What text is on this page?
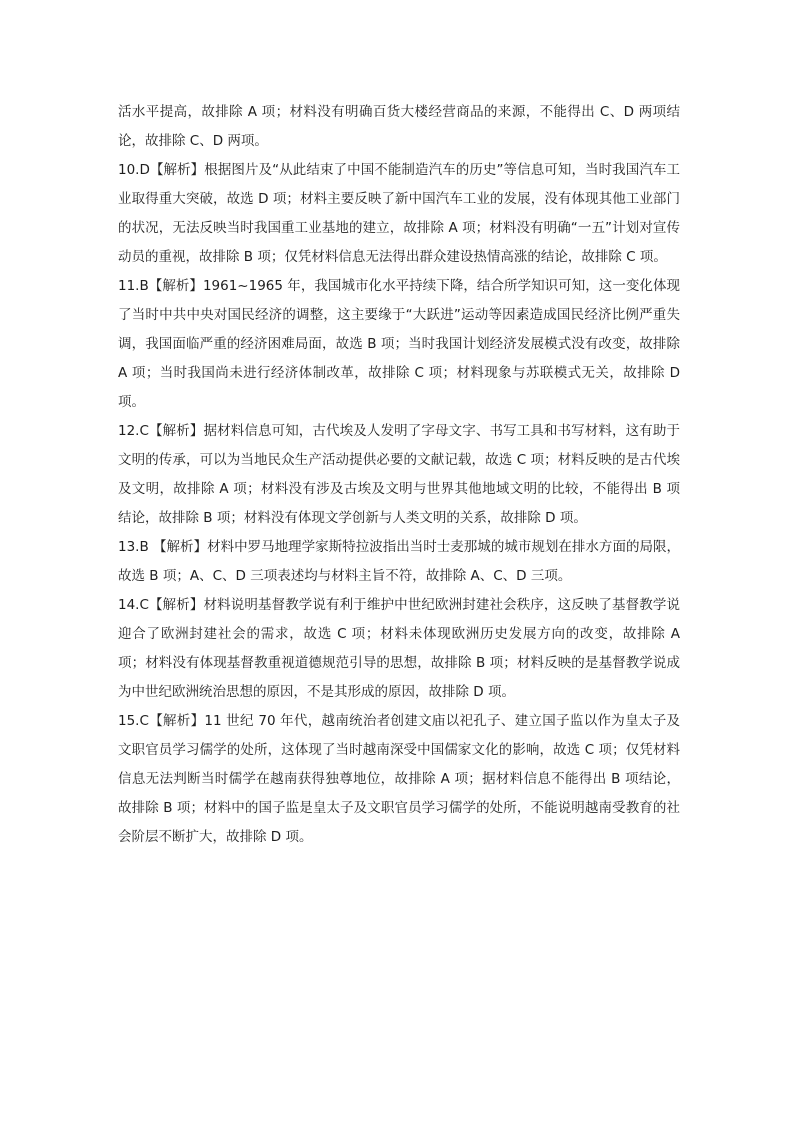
活水平提高，故排除 A 项；材料没有明确百货大楼经营商品的来源，不能得出 C、D 两项结论，故排除 C、D 两项。

10.D【解析】根据图片及“从此结束了中国不能制造汽车的历史”等信息可知，当时我国汽车工业取得重大突破，故选 D 项；材料主要反映了新中国汽车工业的发展，没有体现其他工业部门的状况，无法反映当时我国重工业基地的建立，故排除 A 项；材料没有明确“一五”计划对宣传动员的重视，故排除 B 项；仅凭材料信息无法得出群众建设热情高涨的结论，故排除 C 项。

11.B【解析】1961~1965 年，我国城市化水平持续下降，结合所学知识可知，这一变化体现了当时中共中央对国民经济的调整，这主要缘于“大跃进”运动等因素造成国民经济比例严重失调，我国面临严重的经济困难局面，故选 B 项；当时我国计划经济发展模式没有改变，故排除 A 项；当时我国尚未进行经济体制改革，故排除 C 项；材料现象与苏联模式无关，故排除 D 项。

12.C【解析】据材料信息可知，古代埃及人发明了字母文字、书写工具和书写材料，这有助于文明的传承，可以为当地民众生产活动提供必要的文献记载，故选 C 项；材料反映的是古代埃及文明，故排除 A 项；材料没有涉及古埃及文明与世界其他地域文明的比较，不能得出 B 项结论，故排除 B 项；材料没有体现文学创新与人类文明的关系，故排除 D 项。

13.B 【解析】材料中罗马地理学家斯特拉波指出当时士麦那城的城市规划在排水方面的局限，故选 B 项；A、C、D 三项表述均与材料主旨不符，故排除 A、C、D 三项。

14.C【解析】材料说明基督教学说有利于维护中世纪欧洲封建社会秩序，这反映了基督教学说迎合了欧洲封建社会的需求，故选 C 项；材料未体现欧洲历史发展方向的改变，故排除 A 项；材料没有体现基督教重视道德规范引导的思想，故排除 B 项；材料反映的是基督教学说成为中世纪欧洲统治思想的原因，不是其形成的原因，故排除 D 项。

15.C【解析】11 世纪 70 年代，越南统治者创建文庙以祀孔子、建立国子监以作为皇太子及文职官员学习儒学的处所，这体现了当时越南深受中国儒家文化的影响，故选 C 项；仅凭材料信息无法判断当时儒学在越南获得独尊地位，故排除 A 项；据材料信息不能得出 B 项结论，故排除 B 项；材料中的国子监是皇太子及文职官员学习儒学的处所，不能说明越南受教育的社会阶层不断扩大，故排除 D 项。
